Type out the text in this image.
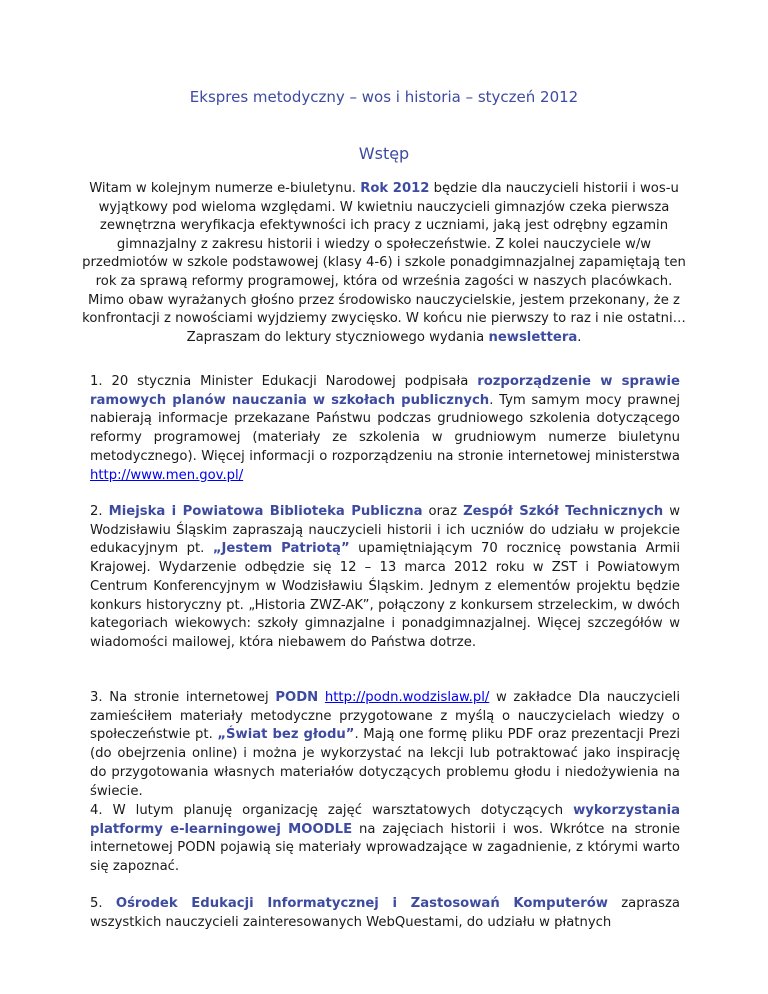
Ekspres metodyczny – wos i historia – styczeń 2012
Wstęp

Witam w kolejnym numerze e-biuletynu. Rok 2012 będzie dla nauczycieli historii i wos-u wyjątkowy pod wieloma względami. W kwietniu nauczycieli gimnazjów czeka pierwsza zewnętrzna weryfikacja efektywności ich pracy z uczniami, jaką jest odrębny egzamin gimnazjalny z zakresu historii i wiedzy o społeczeństwie. Z kolei nauczyciele w/w przedmiotów w szkole podstawowej (klasy 4-6) i szkole ponadgimnazjalnej zapamiętają ten rok za sprawą reformy programowej, która od września zagości w naszych placówkach. Mimo obaw wyrażanych głośno przez środowisko nauczycielskie, jestem przekonany, że z konfrontacji z nowościami wyjdziemy zwycięsko. W końcu nie pierwszy to raz i nie ostatni… Zapraszam do lektury styczniowego wydania newslettera.

1. 20 stycznia Minister Edukacji Narodowej podpisała rozporządzenie w sprawie ramowych planów nauczania w szkołach publicznych. Tym samym mocy prawnej nabierają informacje przekazane Państwu podczas grudniowego szkolenia dotyczącego reformy programowej (materiały ze szkolenia w grudniowym numerze biuletynu metodycznego). Więcej informacji o rozporządzeniu na stronie internetowej ministerstwa http://www.men.gov.pl/

2. Miejska i Powiatowa Biblioteka Publiczna oraz Zespół Szkół Technicznych w Wodzisławiu Śląskim zapraszają nauczycieli historii i ich uczniów do udziału w projekcie edukacyjnym pt. „Jestem Patriotą” upamiętniającym 70 rocznicę powstania Armii Krajowej. Wydarzenie odbędzie się 12 – 13 marca 2012 roku w ZST i Powiatowym Centrum Konferencyjnym w Wodzisławiu Śląskim. Jednym z elementów projektu będzie konkurs historyczny pt. „Historia ZWZ-AK”, połączony z konkursem strzeleckim, w dwóch kategoriach wiekowych: szkoły gimnazjalne i ponadgimnazjalnej. Więcej szczegółów w wiadomości mailowej, która niebawem do Państwa dotrze.

3. Na stronie internetowej PODN http://podn.wodzislaw.pl/ w zakładce Dla nauczycieli zamieściłem materiały metodyczne przygotowane z myślą o nauczycielach wiedzy o społeczeństwie pt. „Świat bez głodu”. Mają one formę pliku PDF oraz prezentacji Prezi (do obejrzenia online) i można je wykorzystać na lekcji lub potraktować jako inspirację do przygotowania własnych materiałów dotyczących problemu głodu i niedożywienia na świecie.

4. W lutym planuję organizację zajęć warsztatowych dotyczących wykorzystania platformy e-learningowej MOODLE na zajęciach historii i wos. Wkrótce na stronie internetowej PODN pojawią się materiały wprowadzające w zagadnienie, z którymi warto się zapoznać.

5. Ośrodek Edukacji Informatycznej i Zastosowań Komputerów zaprasza wszystkich nauczycieli zainteresowanych WebQuestami, do udziału w płatnych
